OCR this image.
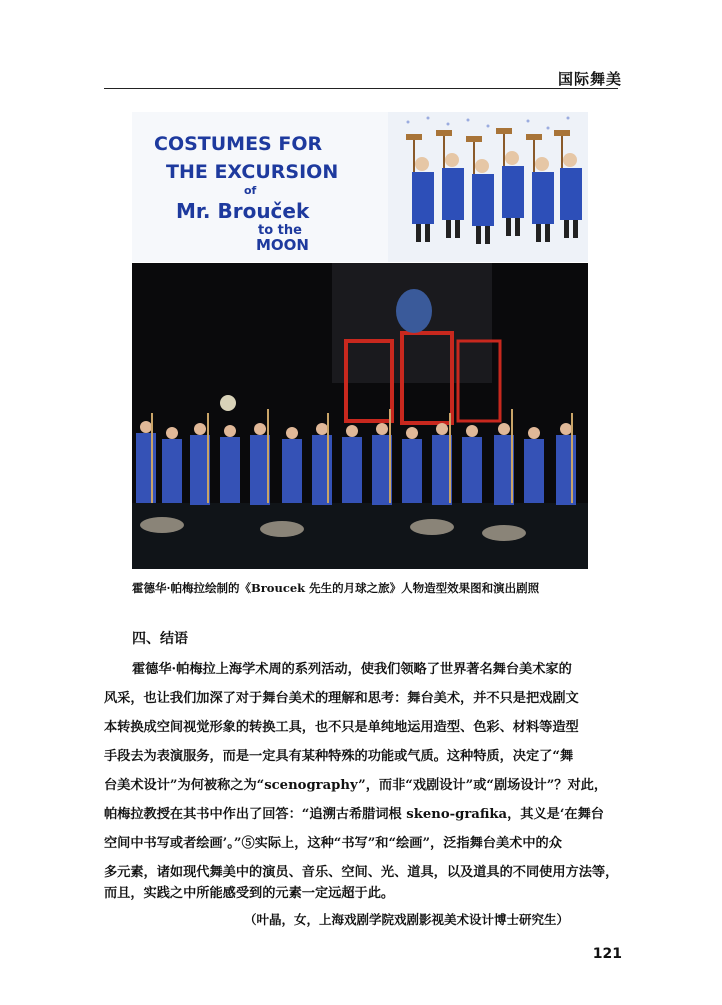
国际舞美
COSTUMES FOR
THE EXCURSION
of
Mr. Brouček
to the
MOON
霍德华·帕梅拉绘制的《Broucek 先生的月球之旅》人物造型效果图和演出剧照
四、结语
霍德华·帕梅拉上海学术周的系列活动，使我们领略了世界著名舞台美术家的
风采，也让我们加深了对于舞台美术的理解和思考：舞台美术，并不只是把戏剧文
本转换成空间视觉形象的转换工具，也不只是单纯地运用造型、色彩、材料等造型
手段去为表演服务，而是一定具有某种特殊的功能或气质。这种特质，决定了“舞
台美术设计”为何被称之为“scenography”，而非“戏剧设计”或“剧场设计”？对此，
帕梅拉教授在其书中作出了回答：“追溯古希腊词根 skeno-grafika，其义是‘在舞台
空间中书写或者绘画’。”⑤实际上，这种“书写”和“绘画”，泛指舞台美术中的众
多元素，诸如现代舞美中的演员、音乐、空间、光、道具，以及道具的不同使用方法等，
而且，实践之中所能感受到的元素一定远超于此。
（叶晶，女，上海戏剧学院戏剧影视美术设计博士研究生）
121
